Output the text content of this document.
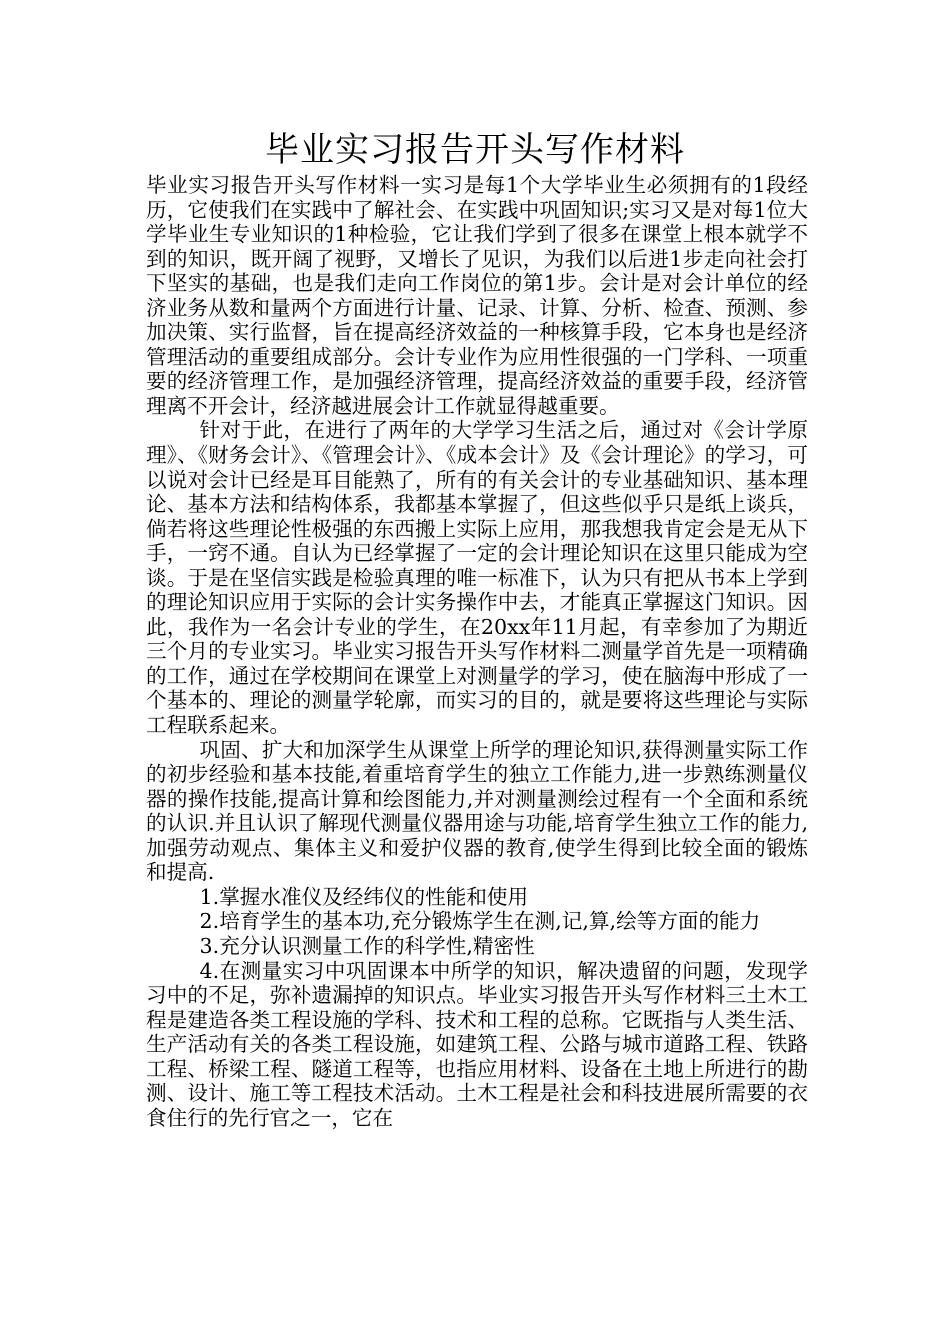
毕业实习报告开头写作材料

毕业实习报告开头写作材料一实习是每1个大学毕业生必须拥有的1段经历，它使我们在实践中了解社会、在实践中巩固知识;实习又是对每1位大学毕业生专业知识的1种检验，它让我们学到了很多在课堂上根本就学不到的知识，既开阔了视野，又增长了见识，为我们以后进1步走向社会打下坚实的基础，也是我们走向工作岗位的第1步。会计是对会计单位的经济业务从数和量两个方面进行计量、记录、计算、分析、检查、预测、参加决策、实行监督，旨在提高经济效益的一种核算手段，它本身也是经济管理活动的重要组成部分。会计专业作为应用性很强的一门学科、一项重要的经济管理工作，是加强经济管理，提高经济效益的重要手段，经济管理离不开会计，经济越进展会计工作就显得越重要。

针对于此，在进行了两年的大学学习生活之后，通过对《会计学原理》、《财务会计》、《管理会计》、《成本会计》及《会计理论》的学习，可以说对会计已经是耳目能熟了，所有的有关会计的专业基础知识、基本理论、基本方法和结构体系，我都基本掌握了，但这些似乎只是纸上谈兵，倘若将这些理论性极强的东西搬上实际上应用，那我想我肯定会是无从下手，一窍不通。自认为已经掌握了一定的会计理论知识在这里只能成为空谈。于是在坚信实践是检验真理的唯一标准下，认为只有把从书本上学到的理论知识应用于实际的会计实务操作中去，才能真正掌握这门知识。因此，我作为一名会计专业的学生，在20xx年11月起，有幸参加了为期近三个月的专业实习。毕业实习报告开头写作材料二测量学首先是一项精确的工作，通过在学校期间在课堂上对测量学的学习，使在脑海中形成了一个基本的、理论的测量学轮廓，而实习的目的，就是要将这些理论与实际工程联系起来。

巩固、扩大和加深学生从课堂上所学的理论知识,获得测量实际工作的初步经验和基本技能,着重培育学生的独立工作能力,进一步熟练测量仪器的操作技能,提高计算和绘图能力,并对测量测绘过程有一个全面和系统的认识.并且认识了解现代测量仪器用途与功能,培育学生独立工作的能力,加强劳动观点、集体主义和爱护仪器的教育,使学生得到比较全面的锻炼和提高.

1.掌握水准仪及经纬仪的性能和使用

2.培育学生的基本功,充分锻炼学生在测,记,算,绘等方面的能力

3.充分认识测量工作的科学性,精密性

4.在测量实习中巩固课本中所学的知识，解决遗留的问题，发现学习中的不足，弥补遗漏掉的知识点。毕业实习报告开头写作材料三土木工程是建造各类工程设施的学科、技术和工程的总称。它既指与人类生活、生产活动有关的各类工程设施，如建筑工程、公路与城市道路工程、铁路工程、桥梁工程、隧道工程等，也指应用材料、设备在土地上所进行的勘测、设计、施工等工程技术活动。土木工程是社会和科技进展所需要的衣食住行的先行官之一，它在
